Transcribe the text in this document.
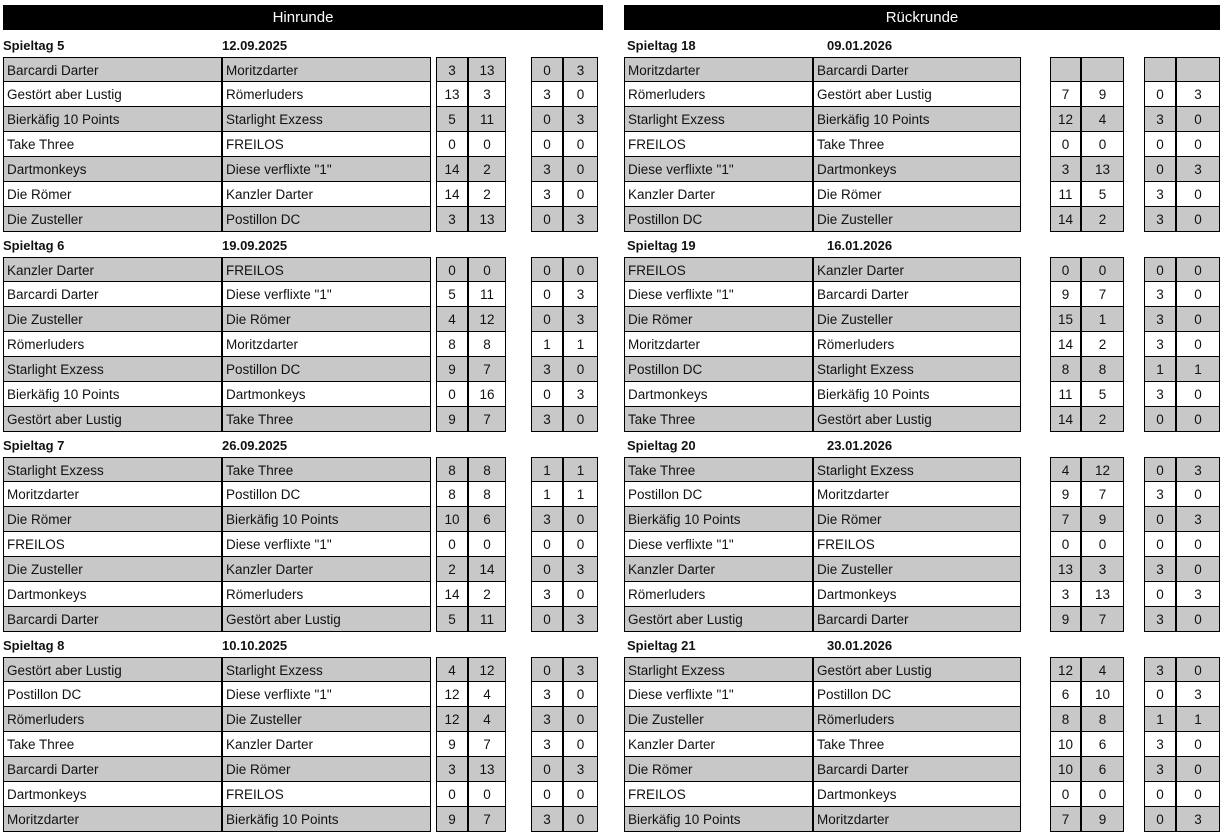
Hinrunde	Rückrunde
Spieltag 5	12.09.2025
Barcardi Darter	Moritzdarter	3	13	0	3
Gestört aber Lustig	Römerluders	13	3	3	0
Bierkäfig 10 Points	Starlight Exzess	5	11	0	3
Take Three	FREILOS	0	0	0	0
Dartmonkeys	Diese verflixte "1"	14	2	3	0
Die Römer	Kanzler Darter	14	2	3	0
Die Zusteller	Postillon DC	3	13	0	3
Spieltag 6	19.09.2025
Kanzler Darter	FREILOS	0	0	0	0
Barcardi Darter	Diese verflixte "1"	5	11	0	3
Die Zusteller	Die Römer	4	12	0	3
Römerluders	Moritzdarter	8	8	1	1
Starlight Exzess	Postillon DC	9	7	3	0
Bierkäfig 10 Points	Dartmonkeys	0	16	0	3
Gestört aber Lustig	Take Three	9	7	3	0
Spieltag 7	26.09.2025
Starlight Exzess	Take Three	8	8	1	1
Moritzdarter	Postillon DC	8	8	1	1
Die Römer	Bierkäfig 10 Points	10	6	3	0
FREILOS	Diese verflixte "1"	0	0	0	0
Die Zusteller	Kanzler Darter	2	14	0	3
Dartmonkeys	Römerluders	14	2	3	0
Barcardi Darter	Gestört aber Lustig	5	11	0	3
Spieltag 8	10.10.2025
Gestört aber Lustig	Starlight Exzess	4	12	0	3
Postillon DC	Diese verflixte "1"	12	4	3	0
Römerluders	Die Zusteller	12	4	3	0
Take Three	Kanzler Darter	9	7	3	0
Barcardi Darter	Die Römer	3	13	0	3
Dartmonkeys	FREILOS	0	0	0	0
Moritzdarter	Bierkäfig 10 Points	9	7	3	0
Spieltag 18	09.01.2026
Moritzdarter	Barcardi Darter
Römerluders	Gestört aber Lustig	7	9	0	3
Starlight Exzess	Bierkäfig 10 Points	12	4	3	0
FREILOS	Take Three	0	0	0	0
Diese verflixte "1"	Dartmonkeys	3	13	0	3
Kanzler Darter	Die Römer	11	5	3	0
Postillon DC	Die Zusteller	14	2	3	0
Spieltag 19	16.01.2026
FREILOS	Kanzler Darter	0	0	0	0
Diese verflixte "1"	Barcardi Darter	9	7	3	0
Die Römer	Die Zusteller	15	1	3	0
Moritzdarter	Römerluders	14	2	3	0
Postillon DC	Starlight Exzess	8	8	1	1
Dartmonkeys	Bierkäfig 10 Points	11	5	3	0
Take Three	Gestört aber Lustig	14	2	0	0
Spieltag 20	23.01.2026
Take Three	Starlight Exzess	4	12	0	3
Postillon DC	Moritzdarter	9	7	3	0
Bierkäfig 10 Points	Die Römer	7	9	0	3
Diese verflixte "1"	FREILOS	0	0	0	0
Kanzler Darter	Die Zusteller	13	3	3	0
Römerluders	Dartmonkeys	3	13	0	3
Gestört aber Lustig	Barcardi Darter	9	7	3	0
Spieltag 21	30.01.2026
Starlight Exzess	Gestört aber Lustig	12	4	3	0
Diese verflixte "1"	Postillon DC	6	10	0	3
Die Zusteller	Römerluders	8	8	1	1
Kanzler Darter	Take Three	10	6	3	0
Die Römer	Barcardi Darter	10	6	3	0
FREILOS	Dartmonkeys	0	0	0	0
Bierkäfig 10 Points	Moritzdarter	7	9	0	3
